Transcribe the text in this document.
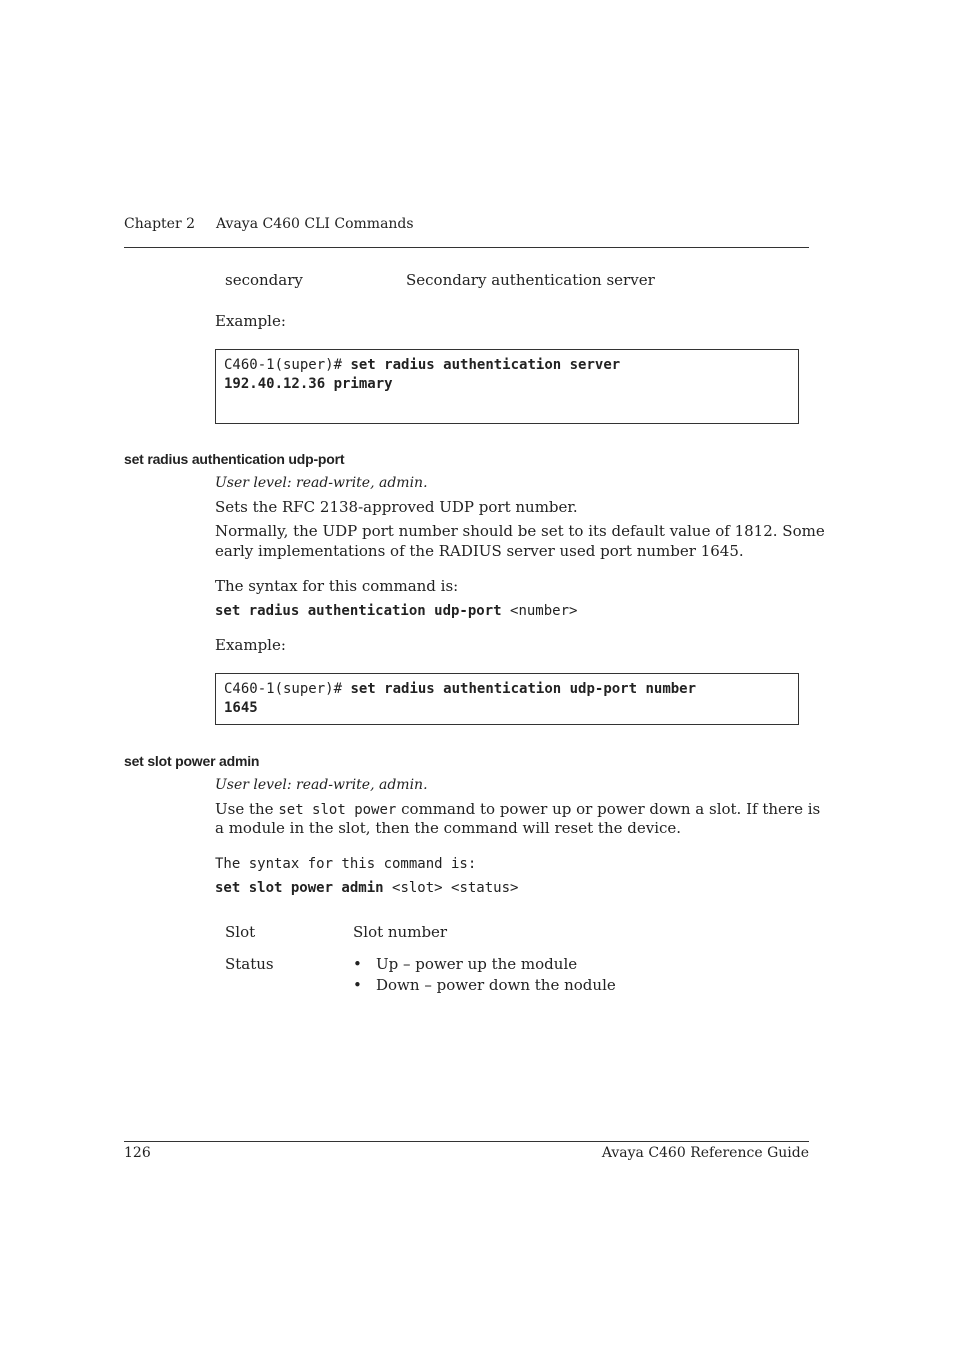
Chapter 2 Avaya C460 CLI Commands
secondary	Secondary authentication server
Example:
C460-1(super)# set radius authentication server
192.40.12.36 primary
set radius authentication udp-port
User level: read-write, admin.
Sets the RFC 2138-approved UDP port number.
Normally, the UDP port number should be set to its default value of 1812. Some
early implementations of the RADIUS server used port number 1645.
The syntax for this command is:
set radius authentication udp-port <number>
Example:
C460-1(super)# set radius authentication udp-port number
1645
set slot power admin
User level: read-write, admin.
Use the set slot power command to power up or power down a slot. If there is
a module in the slot, then the command will reset the device.
The syntax for this command is:
set slot power admin <slot> <status>
Slot	Slot number
Status	• Up – power up the module
• Down – power down the nodule
126	Avaya C460 Reference Guide
